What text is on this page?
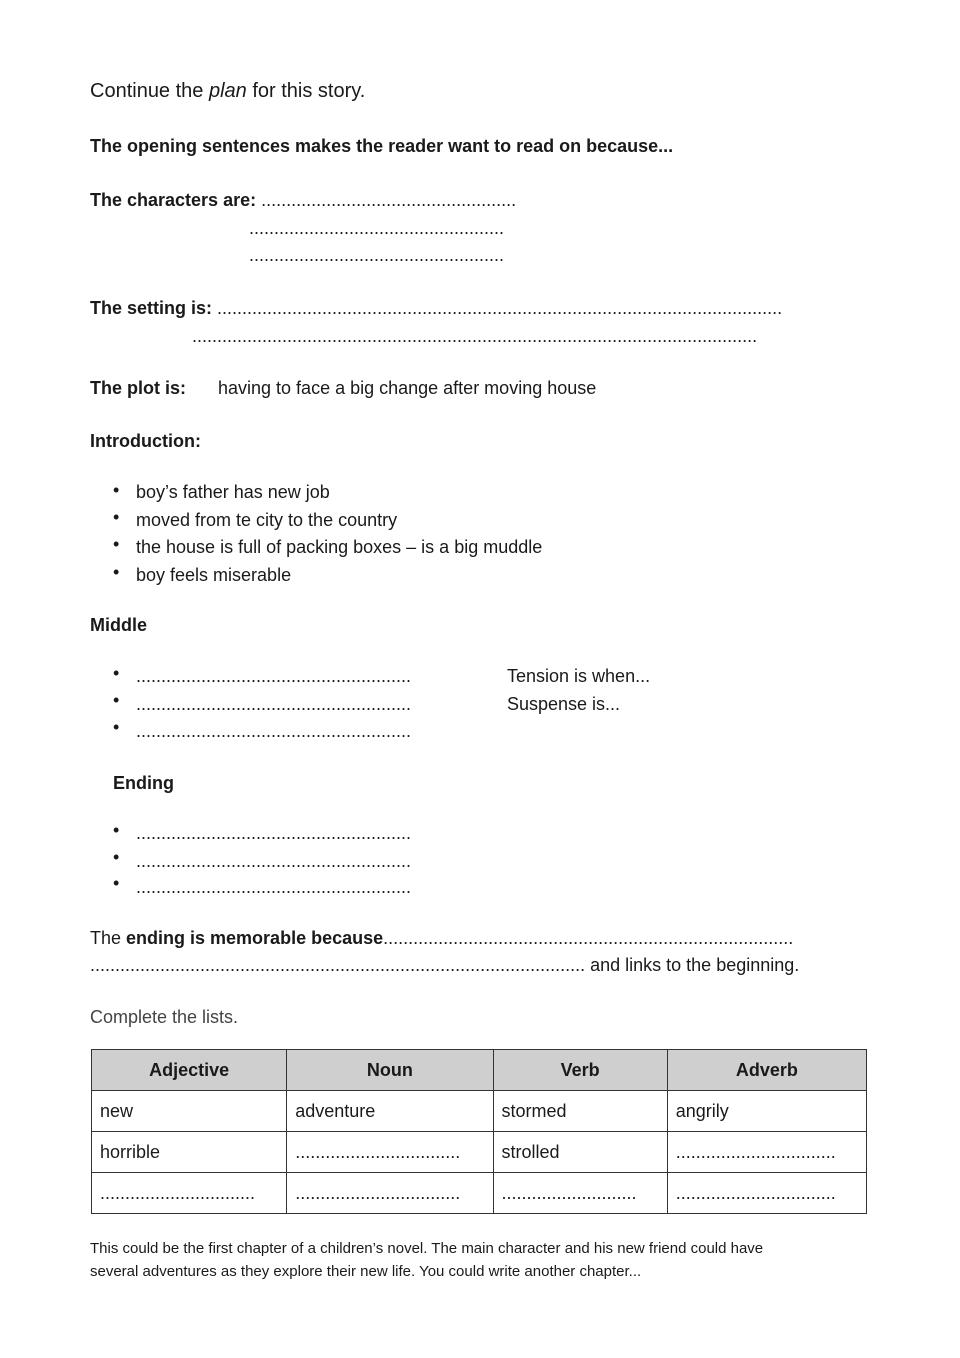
Continue the plan for this story.
The opening sentences makes the reader want to read on because...
The characters are: ...................................................
...................................................
...................................................
The setting is: .................................................................................................................
.................................................................................................................
The plot is: having to face a big change after moving house
Introduction:
• boy’s father has new job
• moved from te city to the country
• the house is full of packing boxes – is a big muddle
• boy feels miserable
Middle
• .......................................................
• .......................................................
• .......................................................
Tension is when...
Suspense is...
Ending
• .......................................................
• .......................................................
• .......................................................
The ending is memorable because..................................................................................
................................................................................................... and links to the beginning.
Complete the lists.
Adjective	Noun	Verb	Adverb
new	adventure	stormed	angrily
horrible	.................................	strolled	................................
...............................	.................................	...........................	................................
This could be the first chapter of a children’s novel. The main character and his new friend could have
several adventures as they explore their new life. You could write another chapter...
